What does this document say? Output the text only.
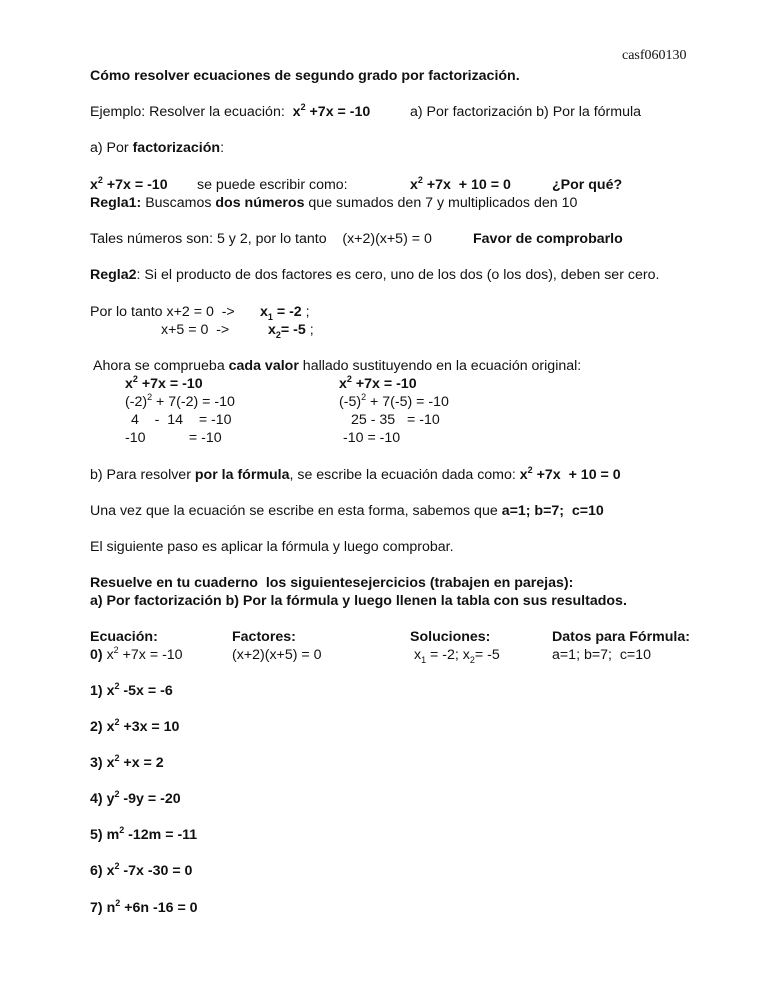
casf060130
Cómo resolver ecuaciones de segundo grado por factorización.
Ejemplo: Resolver la ecuación: $x^2 +7x = -10$	a) Por factorización b) Por la fórmula
a) Por factorización:
$x^2 +7x = -10$ se puede escribir como:	$x^2 +7x + 10 = 0$	¿Por qué?
Regla1: Buscamos dos números que sumados den 7 y multiplicados den 10
Tales números son: 5 y 2, por lo tanto    (x+2)(x+5) = 0	Favor de comprobarlo
Regla2: Si el producto de dos factores es cero, uno de los dos (o los dos), deben ser cero.
Por lo tanto $x+2 = 0 -> x_1 = -2$ ;
x+5 = 0  ->	$x_2= -5$ ;
Ahora se comprueba cada valor hallado sustituyendo en la ecuación original:
$x^2 +7x = -10$
$(-2)^2 + 7(-2) = -10$
4    -  14    = -10
-10           = -10
$x^2 +7x = -10$
$(-5)^2 + 7(-5) = -10$
25 - 35   = -10
-10 = -10
b) Para resolver por la fórmula, se escribe la ecuación dada como: $x^2 +7x + 10 = 0$
Una vez que la ecuación se escribe en esta forma, sabemos que a=1; b=7;  c=10
El siguiente paso es aplicar la fórmula y luego comprobar.
Resuelve en tu cuaderno  los siguientesejercicios (trabajen en parejas):
a) Por factorización b) Por la fórmula y luego llenen la tabla con sus resultados.
Ecuación:	Factores:	Soluciones:	Datos para Fórmula:
0) $x^2 +7x = -10$	(x+2)(x+5) = 0	$x_1 = -2$; $x_2= -5$	a=1; b=7;  c=10
1) $x^2$ -5x = -6
2) $x^2 +3x = 10$
3) $x^2 +x = 2$
4) $y^2$ -9y = -20
5) $m^2$ -12m = -11
6) $x^2$ -7x -30 = 0
7) $n^2 +6n$ -16 = 0
